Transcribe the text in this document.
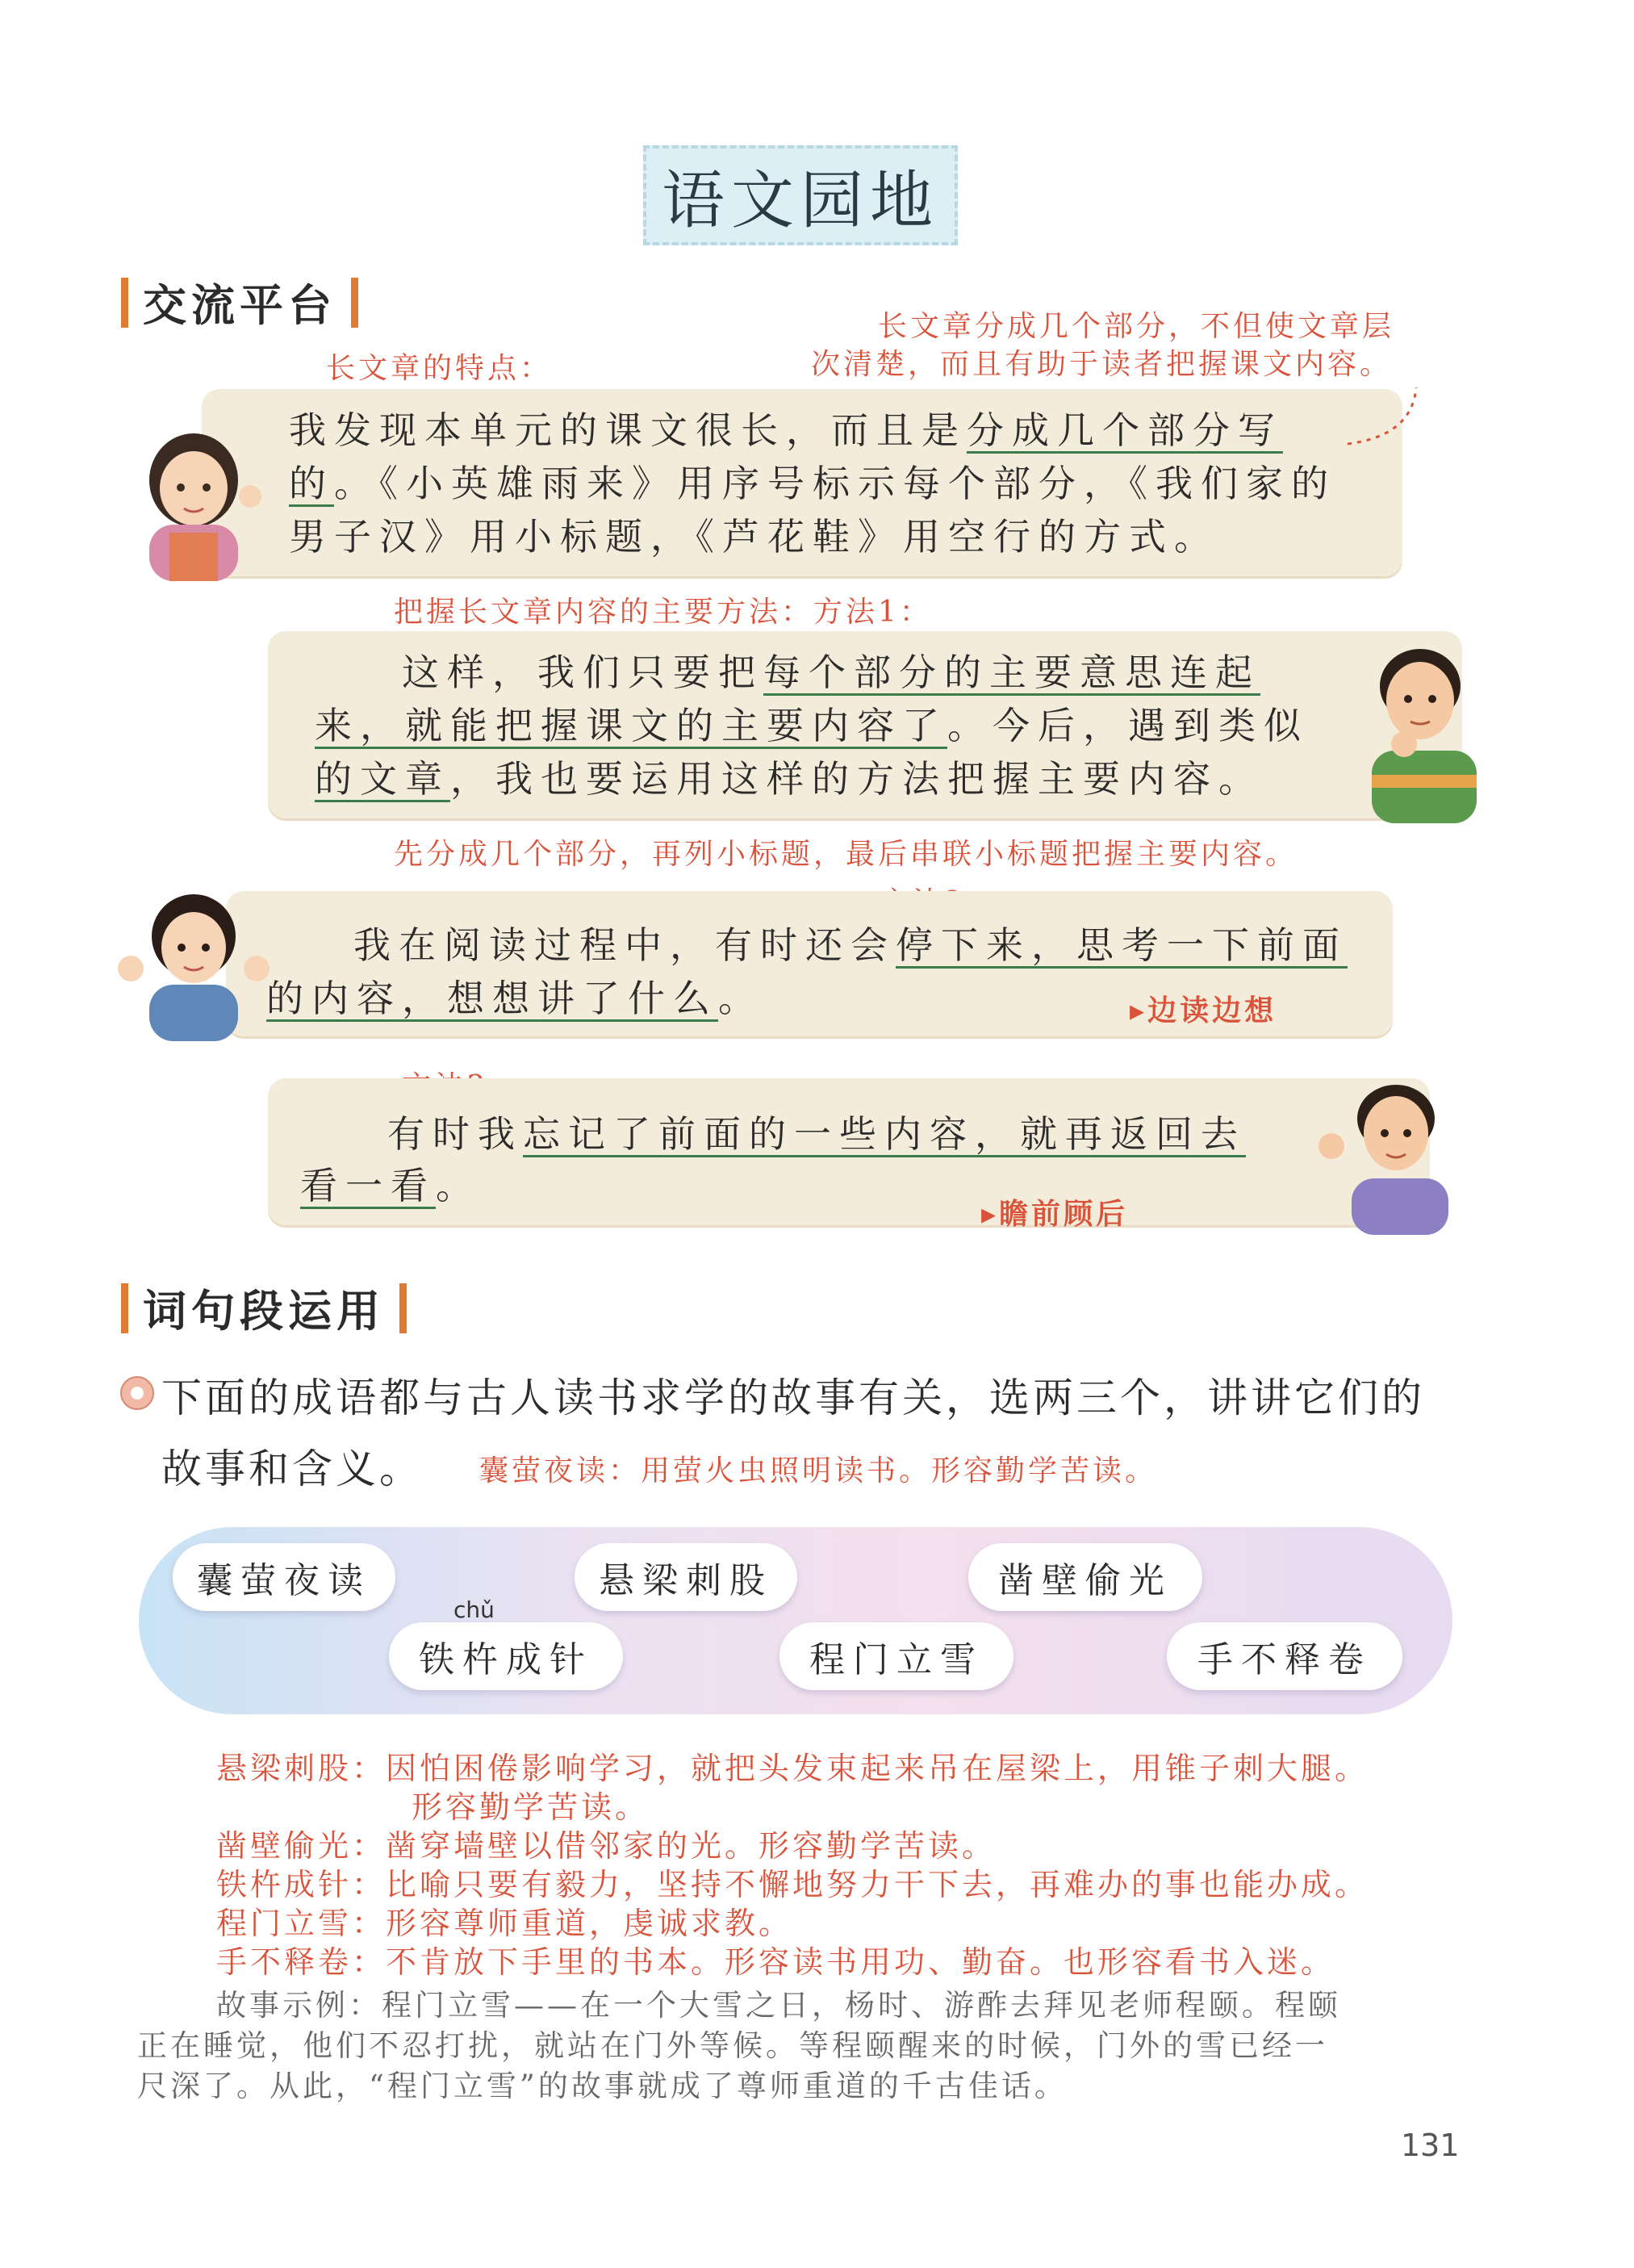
语文园地
交流平台	长文章分成几个部分，不但使文章层
次清楚，而且有助于读者把握课文内容。
长文章的特点：
我发现本单元的课文很长，而且是分成几个部分写
的。《小英雄雨来》用序号标示每个部分，《我们家的
男子汉》用小标题，《芦花鞋》用空行的方式。
把握长文章内容的主要方法：方法1：
这样，我们只要把每个部分的主要意思连起
来，就能把握课文的主要内容了。今后，遇到类似
的文章，我也要运用这样的方法把握主要内容。
先分成几个部分，再列小标题，最后串联小标题把握主要内容。
我在阅读过程中，有时还会停下来，思考一下前面
的内容，想想讲了什么。	▸边读边想
有时我忘记了前面的一些内容，就再返回去
看一看。
▸瞻前顾后
词句段运用
下面的成语都与古人读书求学的故事有关，选两三个，讲讲它们的
故事和含义。 囊萤夜读：用萤火虫照明读书。形容勤学苦读。
囊萤夜读	悬梁刺股	凿壁偷光
铁杵成针
chǔ
程门立雪	手不释卷
悬梁刺股：因怕困倦影响学习，就把头发束起来吊在屋梁上，用锥子刺大腿。
形容勤学苦读。
凿壁偷光：凿穿墙壁以借邻家的光。形容勤学苦读。
铁杵成针：比喻只要有毅力，坚持不懈地努力干下去，再难办的事也能办成。
程门立雪：形容尊师重道，虔诚求教。
手不释卷：不肯放下手里的书本。形容读书用功、勤奋。也形容看书入迷。
故事示例：程门立雪——在一个大雪之日，杨时、游酢去拜见老师程颐。程颐
正在睡觉，他们不忍打扰，就站在门外等候。等程颐醒来的时候，门外的雪已经一
尺深了。从此，“程门立雪”的故事就成了尊师重道的千古佳话。
131
